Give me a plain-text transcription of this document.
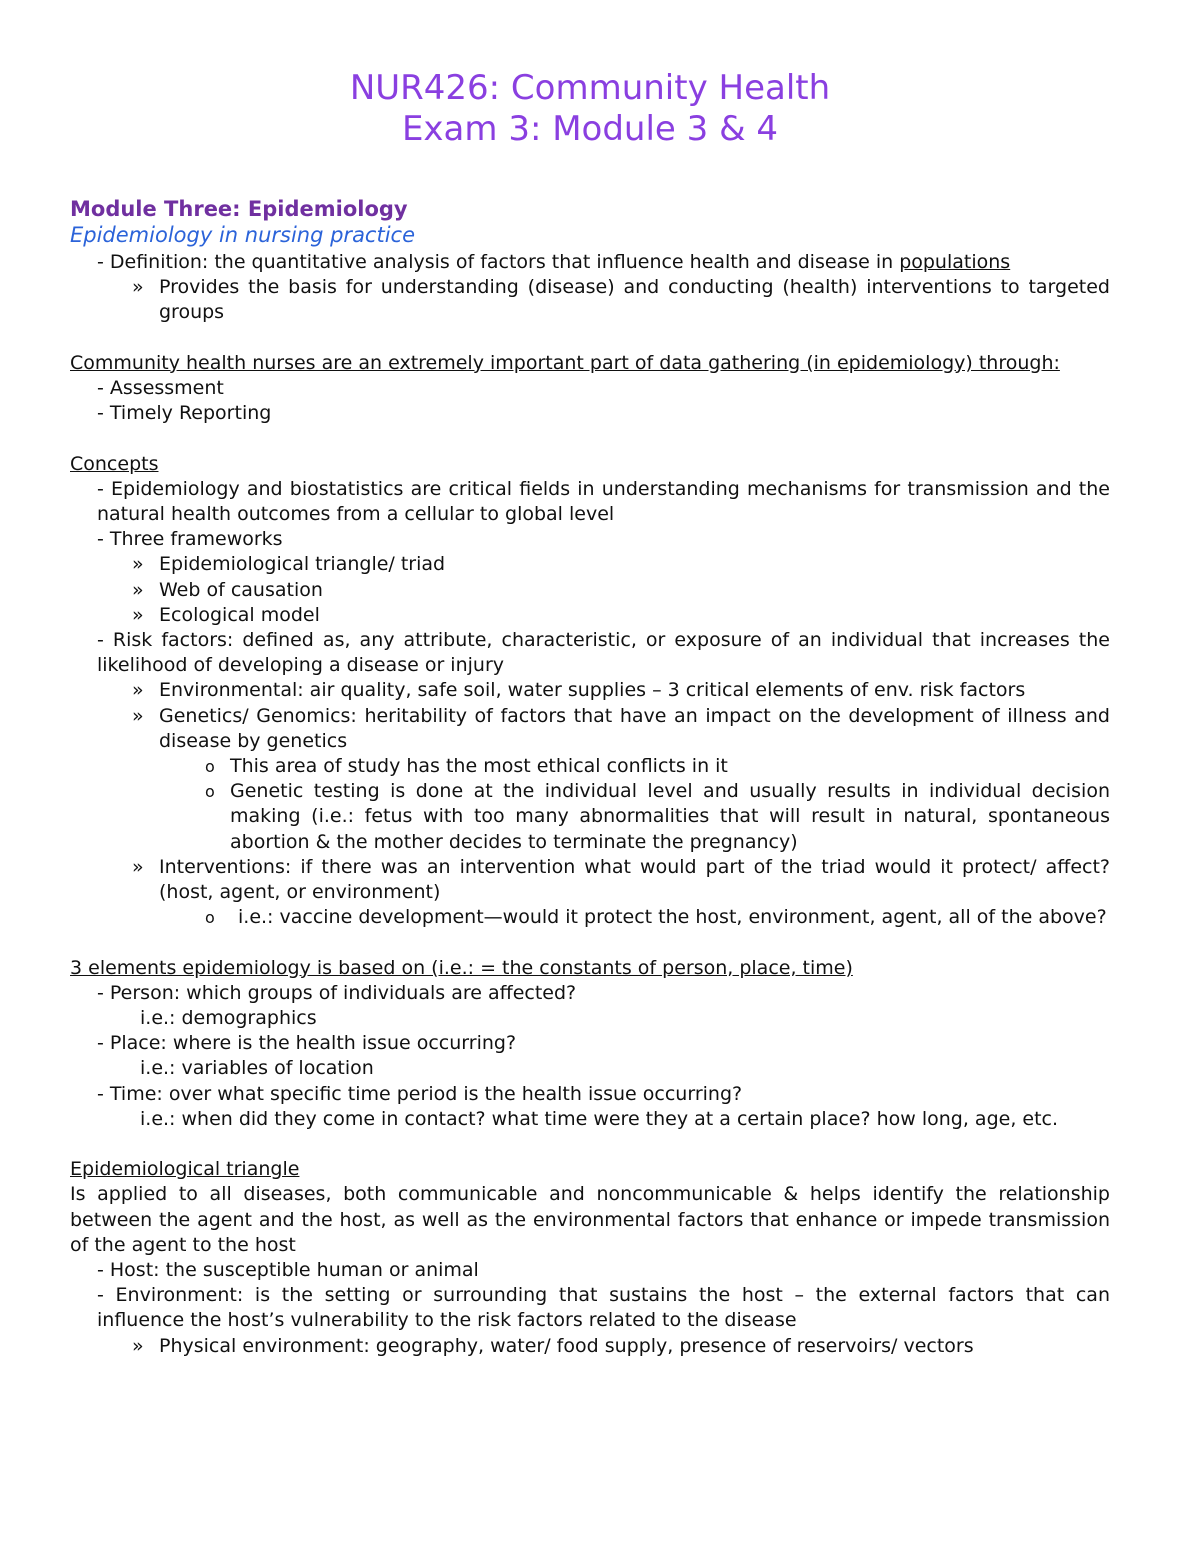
NUR426: Community Health
Exam 3: Module 3 & 4
Module Three: Epidemiology
Epidemiology in nursing practice

- Definition: the quantitative analysis of factors that influence health and disease in populations

» Provides the basis for understanding (disease) and conducting (health) interventions to targeted groups

Community health nurses are an extremely important part of data gathering (in epidemiology) through:

- Assessment

- Timely Reporting

Concepts

- Epidemiology and biostatistics are critical fields in understanding mechanisms for transmission and the natural health outcomes from a cellular to global level

- Three frameworks

» Epidemiological triangle/ triad

» Web of causation

» Ecological model

- Risk factors: defined as, any attribute, characteristic, or exposure of an individual that increases the likelihood of developing a disease or injury

» Environmental: air quality, safe soil, water supplies – 3 critical elements of env. risk factors

» Genetics/ Genomics: heritability of factors that have an impact on the development of illness and disease by genetics

o This area of study has the most ethical conflicts in it

o Genetic testing is done at the individual level and usually results in individual decision making (i.e.: fetus with too many abnormalities that will result in natural, spontaneous abortion & the mother decides to terminate the pregnancy)

» Interventions: if there was an intervention what would part of the triad would it protect/ affect? (host, agent, or environment)

o i.e.: vaccine development—would it protect the host, environment, agent, all of the above?

3 elements epidemiology is based on (i.e.: = the constants of person, place, time)

- Person: which groups of individuals are affected?

i.e.: demographics

- Place: where is the health issue occurring?

i.e.: variables of location

- Time: over what specific time period is the health issue occurring?

i.e.: when did they come in contact? what time were they at a certain place? how long, age, etc.

Epidemiological triangle

Is applied to all diseases, both communicable and noncommunicable & helps identify the relationship between the agent and the host, as well as the environmental factors that enhance or impede transmission of the agent to the host

- Host: the susceptible human or animal

- Environment: is the setting or surrounding that sustains the host – the external factors that can influence the host’s vulnerability to the risk factors related to the disease

» Physical environment: geography, water/ food supply, presence of reservoirs/ vectors
